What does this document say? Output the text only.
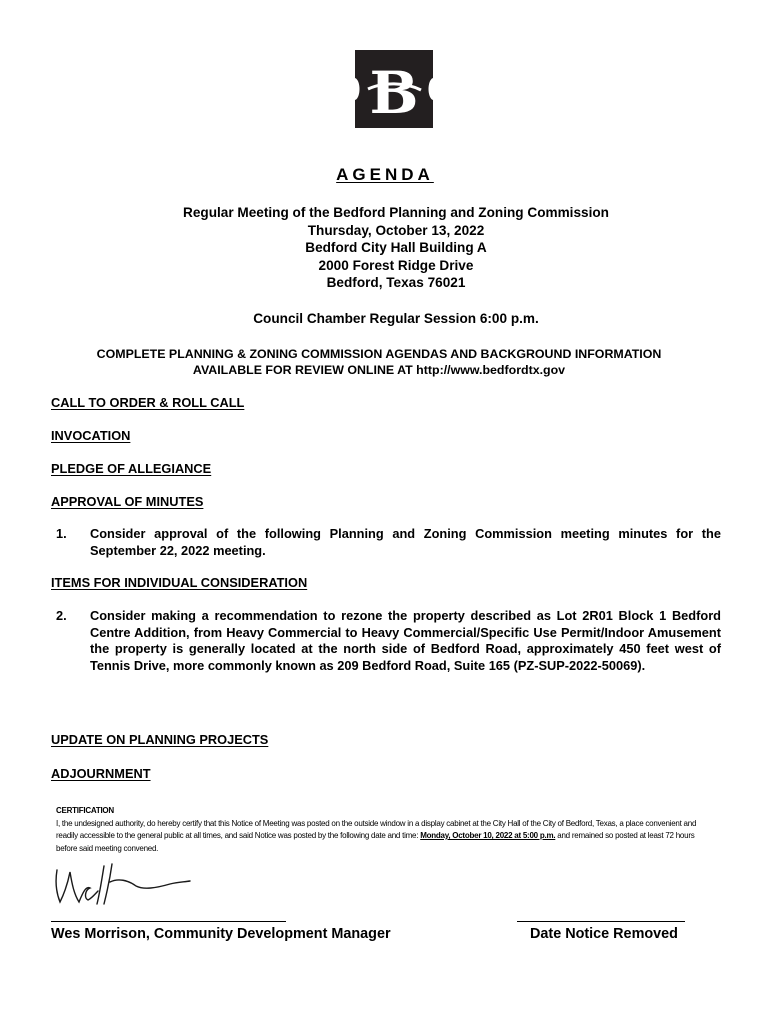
B
AGENDA
Regular Meeting of the Bedford Planning and Zoning Commission
Thursday, October 13, 2022
Bedford City Hall Building A
2000 Forest Ridge Drive
Bedford, Texas 76021
Council Chamber Regular Session 6:00 p.m.
COMPLETE PLANNING & ZONING COMMISSION AGENDAS AND BACKGROUND INFORMATION
AVAILABLE FOR REVIEW ONLINE AT http://www.bedfordtx.gov
CALL TO ORDER & ROLL CALL
INVOCATION
PLEDGE OF ALLEGIANCE
APPROVAL OF MINUTES
1. Consider approval of the following Planning and Zoning Commission meeting minutes for the September 22, 2022 meeting.
ITEMS FOR INDIVIDUAL CONSIDERATION
2. Consider making a recommendation to rezone the property described as Lot 2R01 Block 1 Bedford Centre Addition, from Heavy Commercial to Heavy Commercial/Specific Use Permit/Indoor Amusement the property is generally located at the north side of Bedford Road, approximately 450 feet west of Tennis Drive, more commonly known as 209 Bedford Road, Suite 165 (PZ-SUP-2022-50069).
UPDATE ON PLANNING PROJECTS
ADJOURNMENT
CERTIFICATION
I, the undesigned authority, do hereby certify that this Notice of Meeting was posted on the outside window in a display cabinet at the City Hall of the City of Bedford, Texas, a place convenient and readily accessible to the general public at all times, and said Notice was posted by the following date and time: Monday, October 10, 2022 at 5:00 p.m. and remained so posted at least 72 hours before said meeting convened.
Wes Morrison, Community Development Manager	Date Notice Removed
